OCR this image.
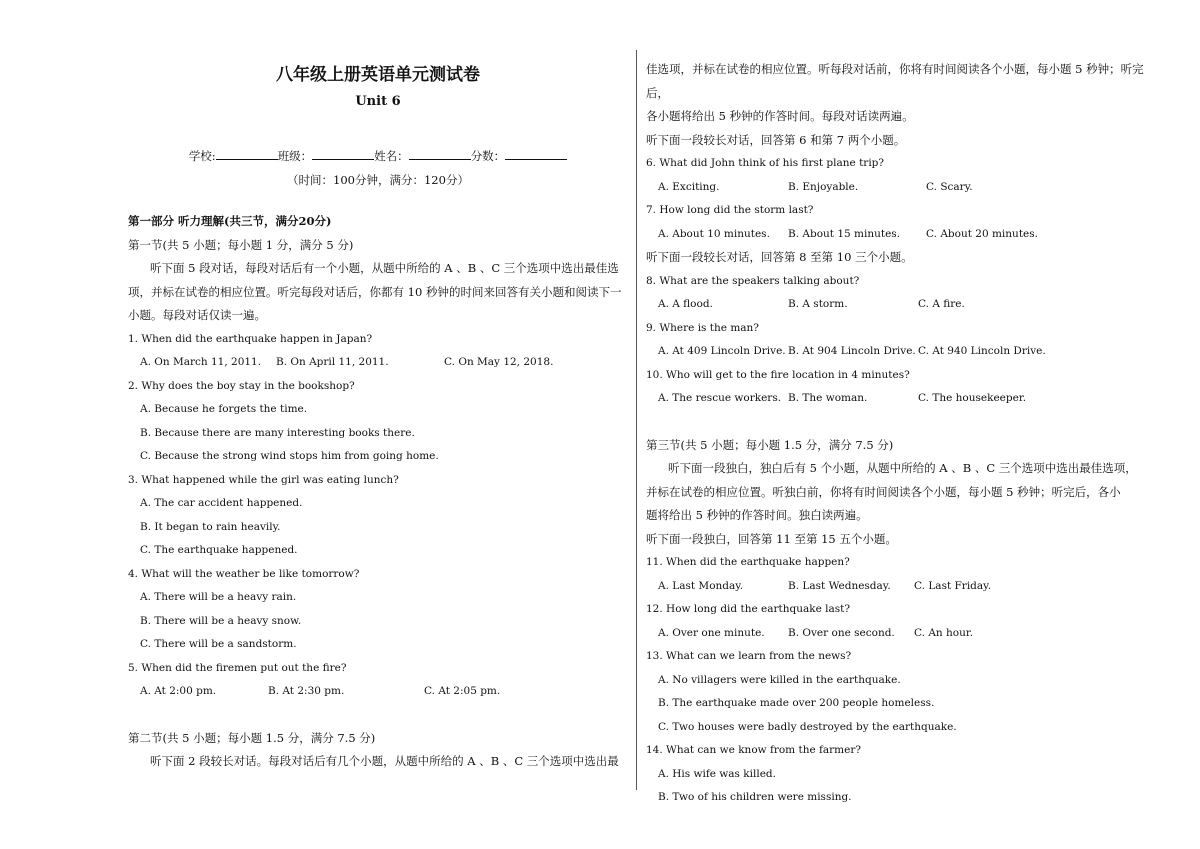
八年级上册英语单元测试卷
Unit 6
学校:	班级：	姓名：	分数：
（时间：100分钟，满分：120分）
第一部分 听力理解(共三节，满分20分)
第一节(共 5 小题；每小题 1 分，满分 5 分)
听下面 5 段对话，每段对话后有一个小题，从题中所给的 A 、B 、C 三个选项中选出最佳选项，并标在试卷的相应位置。听完每段对话后，你都有 10 秒钟的时间来回答有关小题和阅读下一
小题。每段对话仅读一遍。
1. When did the earthquake happen in Japan?
A. On March 11, 2011.	B. On April 11, 2011.	C. On May 12, 2018.
2. Why does the boy stay in the bookshop?
A. Because he forgets the time.
B. Because there are many interesting books there.
C. Because the strong wind stops him from going home.
3. What happened while the girl was eating lunch?
A. The car accident happened.
B. It began to rain heavily.
C. The earthquake happened.
4. What will the weather be like tomorrow?
A. There will be a heavy rain.
B. There will be a heavy snow.
C. There will be a sandstorm.
5. When did the firemen put out the fire?
A. At 2:00 pm.	B. At 2:30 pm.	C. At 2:05 pm.
第二节(共 5 小题；每小题 1.5 分，满分 7.5 分)
听下面 2 段较长对话。每段对话后有几个小题，从题中所给的 A 、B 、C 三个选项中选出最
佳选项，并标在试卷的相应位置。听每段对话前，你将有时间阅读各个小题，每小题 5 秒钟；听完后，
各小题将给出 5 秒钟的作答时间。每段对话读两遍。
听下面一段较长对话，回答第 6 和第 7 两个小题。
6. What did John think of his first plane trip?
A. Exciting.	B. Enjoyable.	C. Scary.
7. How long did the storm last?
A. About 10 minutes.	B. About 15 minutes.	C. About 20 minutes.
听下面一段较长对话，回答第 8 至第 10 三个小题。
8. What are the speakers talking about?
A. A flood.	B. A storm.	C. A fire.
9. Where is the man?
A. At 409 Lincoln Drive. B. At 904 Lincoln Drive. C. At 940 Lincoln Drive.
10. Who will get to the fire location in 4 minutes?
A. The rescue workers. B. The woman.	C. The housekeeper.
第三节(共 5 小题；每小题 1.5 分，满分 7.5 分)
听下面一段独白，独白后有 5 个小题，从题中所给的 A 、B 、C 三个选项中选出最佳选项，
并标在试卷的相应位置。听独白前，你将有时间阅读各个小题，每小题 5 秒钟；听完后，各小
题将给出 5 秒钟的作答时间。独白读两遍。
听下面一段独白，回答第 11 至第 15 五个小题。
11. When did the earthquake happen?
A. Last Monday.	B. Last Wednesday.	C. Last Friday.
12. How long did the earthquake last?
A. Over one minute.	B. Over one second.	C. An hour.
13. What can we learn from the news?
A. No villagers were killed in the earthquake.
B. The earthquake made over 200 people homeless.
C. Two houses were badly destroyed by the earthquake.
14. What can we know from the farmer?
A. His wife was killed.
B. Two of his children were missing.
